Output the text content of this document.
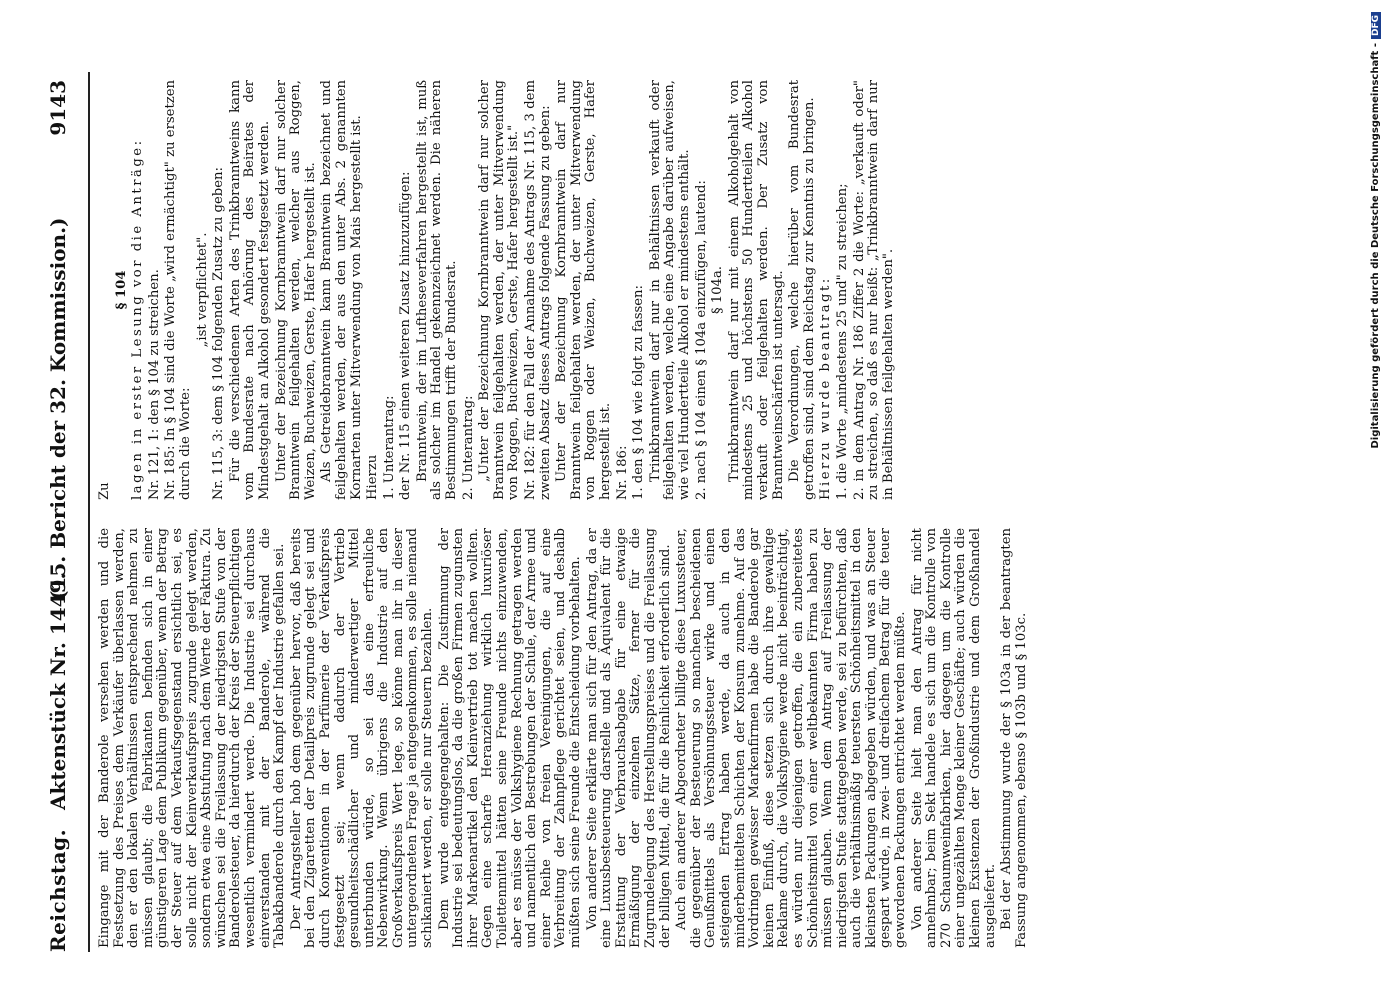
Reichstag.
Aktenstück Nr. 1449.
(15. Bericht der 32. Kommission.)
9143

Eingange mit der Banderole versehen werden und die Festsetzung des Preises dem Verkäufer überlassen werden, den er den lokalen Verhältnissen entsprechend nehmen zu müssen glaubt; die Fabrikanten befinden sich in einer günstigeren Lage dem Publikum gegenüber, wenn der Betrag der Steuer auf dem Verkaufsgegenstand ersichtlich sei, es solle nicht der Kleinverkaufspreis zugrunde gelegt werden, sondern etwa eine Abstufung nach dem Werte der Faktura. Zu wünschen sei die Freilassung der niedrigsten Stufe von der Banderolesteuer, da hierdurch der Kreis der Steuerpflichtigen wesentlich vermindert werde. Die Industrie sei durchaus einverstanden mit der Banderole, während die Tabakbanderole durch den Kampf der Industrie gefallen sei. Der Antragsteller hob dem gegenüber hervor, daß bereits bei den Zigaretten der Detailpreis zugrunde gelegt sei und durch Konventionen in der Parfümerie der Verkaufspreis festgesetzt sei; wenn dadurch der Vertrieb gesundheitsschädlicher und minderwertiger Mittel unterbunden würde, so sei das eine erfreuliche Nebenwirkung. Wenn übrigens die Industrie auf den Großverkaufspreis Wert lege, so könne man ihr in dieser untergeordneten Frage ja entgegenkommen, es solle niemand schikaniert werden, er solle nur Steuern bezahlen. Dem wurde entgegengehalten: Die Zustimmung der Industrie sei bedeutungslos, da die großen Firmen zugunsten ihrer Markenartikel den Kleinvertrieb tot machen wollten. Gegen eine scharfe Heranziehung wirklich luxuriöser Toilettenmittel hätten seine Freunde nichts einzuwenden, aber es müsse der Volkshygiene Rechnung getragen werden und namentlich den Bestrebungen der Schule, der Armee und einer Reihe von freien Vereinigungen, die auf eine Verbreitung der Zahnpflege gerichtet seien, und deshalb müßten sich seine Freunde die Entscheidung vorbehalten. Von anderer Seite erklärte man sich für den Antrag, da er eine Luxusbesteuerung darstelle und als Äquivalent für die Erstattung der Verbrauchsabgabe für eine etwaige Ermäßigung der einzelnen Sätze, ferner für die Zugrundelegung des Herstellungspreises und die Freilassung der billigen Mittel, die für die Reinlichkeit erforderlich sind. Auch ein anderer Abgeordneter billigte diese Luxussteuer, die gegenüber der Besteuerung so manchen bescheidenen Genußmittels als Versöhnungssteuer wirke und einen steigenden Ertrag haben werde, da auch in den minderbemittelten Schichten der Konsum zunehme. Auf das Vordringen gewisser Markenfirmen habe die Banderole gar keinen Einfluß, diese setzen sich durch ihre gewaltige Reklame durch, die Volkshygiene werde nicht beeinträchtigt, es würden nur diejenigen getroffen, die ein zubereitetes Schönheitsmittel von einer weltbekannten Firma haben zu müssen glauben. Wenn dem Antrag auf Freilassung der niedrigsten Stufe stattgegeben werde, sei zu befürchten, daß auch die verhältnismäßig teuersten Schönheitsmittel in den kleinsten Packungen abgegeben würden, und was an Steuer gespart würde, in zwei- und dreifachem Betrag für die teuer gewordenen Packungen entrichtet werden müßte. Von anderer Seite hielt man den Antrag für nicht annehmbar; beim Sekt handele es sich um die Kontrolle von 270 Schaumweinfabriken, hier dagegen um die Kontrolle einer ungezählten Menge kleiner Geschäfte; auch würden die kleinen Existenzen der Großindustrie und dem Großhandel ausgeliefert. Bei der Abstimmung wurde der § 103a in der beantragten Fassung angenommen, ebenso § 103b und § 103c.

Zu

§ 104 lagen in erster Lesung vor die Anträge: Nr. 121, 1: den § 104 zu streichen. Nr. 185: In § 104 sind die Worte „wird ermächtigt" zu ersetzen durch die Worte:

„ist verpflichtet". Nr. 115, 3: dem § 104 folgenden Zusatz zu geben: Für die verschiedenen Arten des Trinkbranntweins kann vom Bundesrate nach Anhörung des Beirates der Mindestgehalt an Alkohol gesondert festgesetzt werden. Unter der Bezeichnung Kornbranntwein darf nur solcher Branntwein feilgehalten werden, welcher aus Roggen, Weizen, Buchweizen, Gerste, Hafer hergestellt ist. Als Getreidebranntwein kann Branntwein bezeichnet und feilgehalten werden, der aus den unter Abs. 2 genannten Kornarten unter Mitverwendung von Mais hergestellt ist. Hierzu 1. Unterantrag: der Nr. 115 einen weiteren Zusatz hinzuzufügen: Branntwein, der im Luftheseverfahren hergestellt ist, muß als solcher im Handel gekennzeichnet werden. Die näheren Bestimmungen trifft der Bundesrat. 2. Unterantrag: „Unter der Bezeichnung Kornbranntwein darf nur solcher Branntwein feilgehalten werden, der unter Mitverwendung von Roggen, Buchweizen, Gerste, Hafer hergestellt ist." Nr. 182: für den Fall der Annahme des Antrags Nr. 115, 3 dem zweiten Absatz dieses Antrags folgende Fassung zu geben: Unter der Bezeichnung Kornbranntwein darf nur Branntwein feilgehalten werden, der unter Mitverwendung von Roggen oder Weizen, Buchweizen, Gerste, Hafer hergestellt ist. Nr. 186: 1. den § 104 wie folgt zu fassen: Trinkbranntwein darf nur in Behältnissen verkauft oder feilgehalten werden, welche eine Angabe darüber aufweisen, wie viel Hundertteile Alkohol er mindestens enthält. 2. nach § 104 einen § 104a einzufügen, lautend: § 104a. Trinkbranntwein darf nur mit einem Alkoholgehalt von mindestens 25 und höchstens 50 Hundertteilen Alkohol verkauft oder feilgehalten werden. Der Zusatz von Branntweinschärfen ist untersagt. Die Verordnungen, welche hierüber vom Bundesrat getroffen sind, sind dem Reichstag zur Kenntnis zu bringen. Hierzu wurde beantragt: 1. die Worte „mindestens 25 und" zu streichen; 2. in dem Antrag Nr. 186 Ziffer 2 die Worte: „verkauft oder" zu streichen, so daß es nur heißt: „Trinkbranntwein darf nur in Behältnissen feilgehalten werden".	Digitalisierung gefördert durch die Deutsche Forschungsgemeinschaft -DFG
